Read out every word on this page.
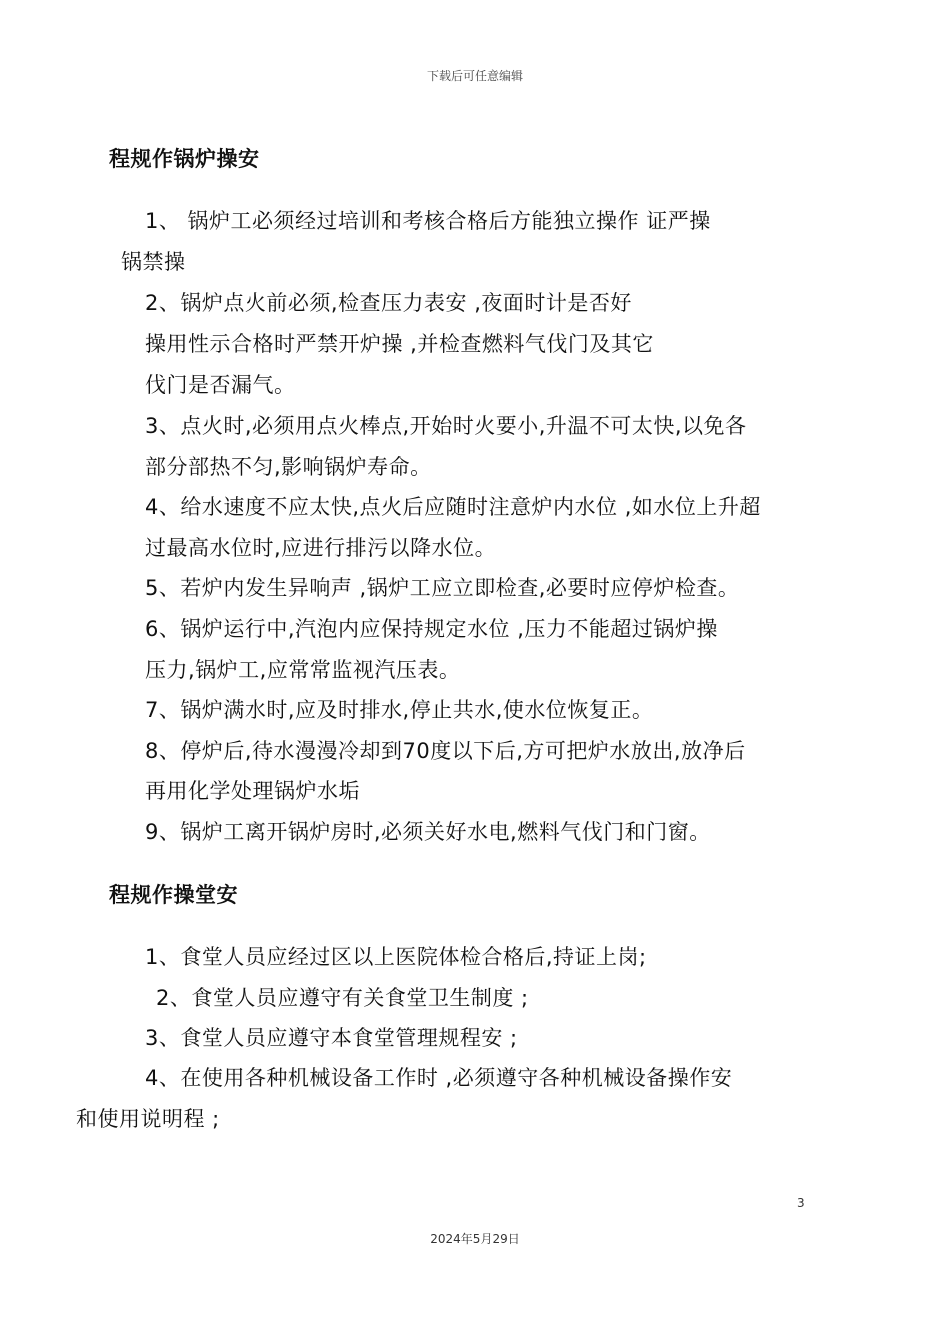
下载后可任意编辑
程规作锅炉操安
1、 锅炉工必须经过培训和考核合格后方能独立操作 证严操
锅禁操
2、锅炉点火前必须,检查压力表安 ,夜面时计是否好
操用性示合格时严禁开炉操 ,并检查燃料气伐门及其它
伐门是否漏气。
3、点火时,必须用点火棒点,开始时火要小,升温不可太快,以免各
部分部热不匀,影响锅炉寿命。
4、给水速度不应太快,点火后应随时注意炉内水位 ,如水位上升超
过最高水位时,应进行排污以降水位。
5、若炉内发生异响声 ,锅炉工应立即检查,必要时应停炉检查。
6、锅炉运行中,汽泡内应保持规定水位 ,压力不能超过锅炉操
压力,锅炉工,应常常监视汽压表。
7、锅炉满水时,应及时排水,停止共水,使水位恢复正。
8、停炉后,待水漫漫冷却到70度以下后,方可把炉水放出,放净后
再用化学处理锅炉水垢
9、锅炉工离开锅炉房时,必须关好水电,燃料气伐门和门窗。
程规作操堂安
1、食堂人员应经过区以上医院体检合格后,持证上岗;
2、食堂人员应遵守有关食堂卫生制度 ;
3、食堂人员应遵守本食堂管理规程安 ;
4、在使用各种机械设备工作时 ,必须遵守各种机械设备操作安
和使用说明程 ;
3
2024年5月29日
